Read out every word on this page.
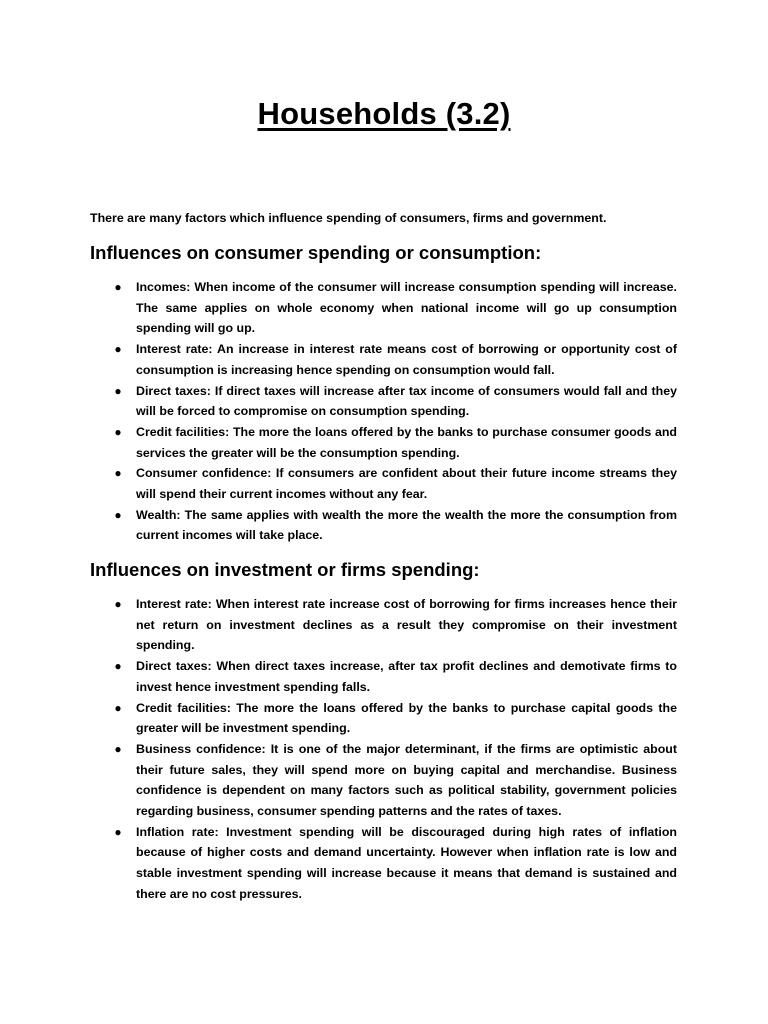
Households (3.2)

There are many factors which influence spending of consumers, firms and government.

Influences on consumer spending or consumption:
● Incomes: When income of the consumer will increase consumption spending will increase. The same applies on whole economy when national income will go up consumption spending will go up.
● Interest rate: An increase in interest rate means cost of borrowing or opportunity cost of consumption is increasing hence spending on consumption would fall.
● Direct taxes: If direct taxes will increase after tax income of consumers would fall and they will be forced to compromise on consumption spending.
● Credit facilities: The more the loans offered by the banks to purchase consumer goods and services the greater will be the consumption spending.
● Consumer confidence: If consumers are confident about their future income streams they will spend their current incomes without any fear.
● Wealth: The same applies with wealth the more the wealth the more the consumption from current incomes will take place.
Influences on investment or firms spending:
● Interest rate: When interest rate increase cost of borrowing for firms increases hence their net return on investment declines as a result they compromise on their investment spending.
● Direct taxes: When direct taxes increase, after tax profit declines and demotivate firms to invest hence investment spending falls.
● Credit facilities: The more the loans offered by the banks to purchase capital goods the greater will be investment spending.
● Business confidence: It is one of the major determinant, if the firms are optimistic about their future sales, they will spend more on buying capital and merchandise. Business confidence is dependent on many factors such as political stability, government policies regarding business, consumer spending patterns and the rates of taxes.
● Inflation rate: Investment spending will be discouraged during high rates of inflation because of higher costs and demand uncertainty. However when inflation rate is low and stable investment spending will increase because it means that demand is sustained and there are no cost pressures.
